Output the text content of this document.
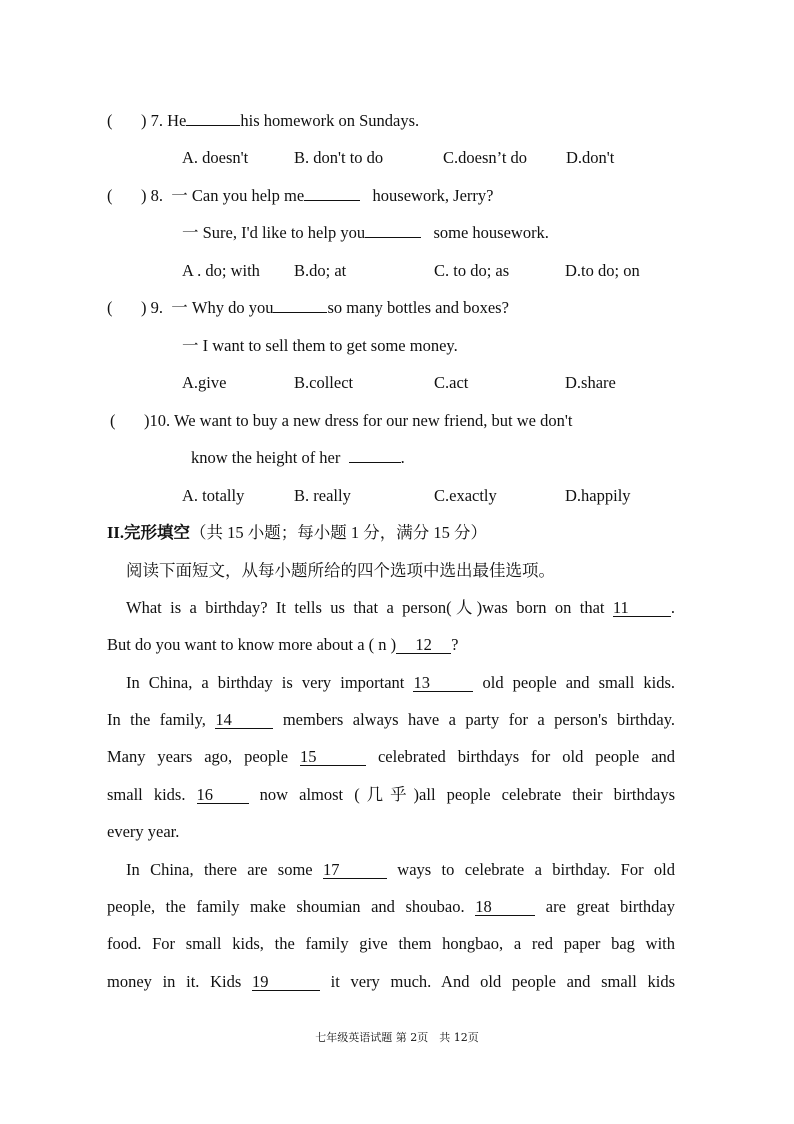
( ) 7. He	his homework on Sundays.
A. doesn't	B. don't to do	C.doesn’t do D.don't
( ) 8. 一 Can you help me	housework, Jerry?
一 Sure, I'd like to help you	some housework.
A . do; with B.do; at	C. to do; as	D.to do; on
( ) 9. 一 Why do you	so many bottles and boxes?
一 I want to sell them to get some money.
A.give	B.collect	C.act	D.share
( )10. We want to buy a new dress for our new friend, but we don't
know the height of her	.
A. totally	B. really	C.exactly	D.happily
II.完形填空（共 15 小题；每小题 1 分，满分 15 分）
阅读下面短文，从每小题所给的四个选项中选出最佳选项。
What is a birthday? It tells us that a person(人)was born on that 11	.
But do you want to know more about a ( n ) 12 ?
In China, a birthday is very important 13	old people and small kids.
In the family, 14	members always have a party for a person's birthday.
Many years ago, people 15	celebrated birthdays for old people and
small kids. 16	now almost (几乎)all people celebrate their birthdays
every year.
In China, there are some 17	ways to celebrate a birthday. For old
people, the family make shoumian and shoubao. 18	are great birthday
food. For small kids, the family give them hongbao, a red paper bag with
money in it. Kids 19	it very much. And old people and small kids
七年级英语试题 第 2页　共 12页
